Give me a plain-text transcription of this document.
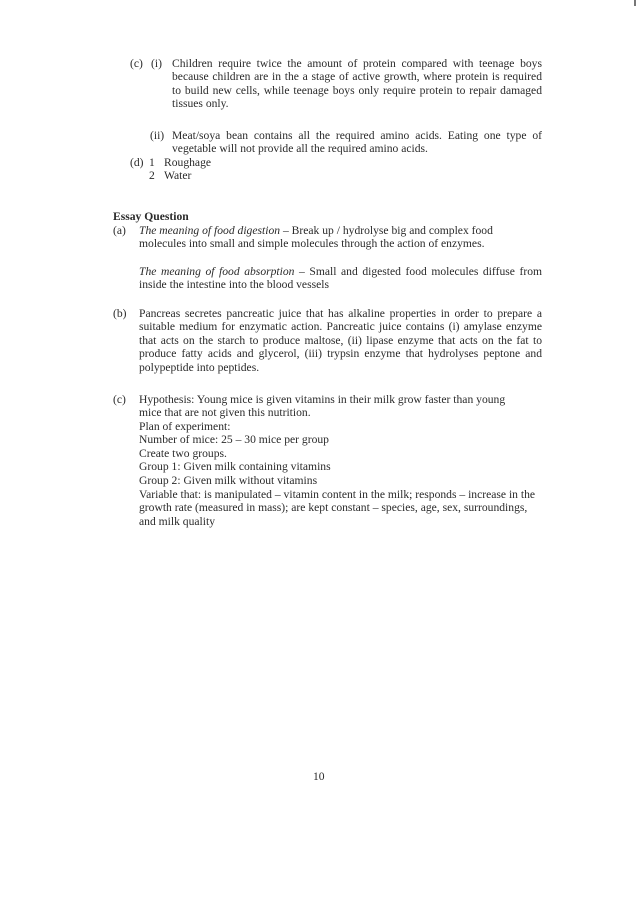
(c) (i) Children require twice the amount of protein compared with teenage boys because children are in the a stage of active growth, where protein is required to build new cells, while teenage boys only require protein to repair damaged tissues only.
(ii) Meat/soya bean contains all the required amino acids. Eating one type of vegetable will not provide all the required amino acids.
(d) 1 Roughage
2 Water
Essay Question
(a) The meaning of food digestion – Break up / hydrolyse big and complex food molecules into small and simple molecules through the action of enzymes.
The meaning of food absorption – Small and digested food molecules diffuse from inside the intestine into the blood vessels
(b) Pancreas secretes pancreatic juice that has alkaline properties in order to prepare a suitable medium for enzymatic action. Pancreatic juice contains (i) amylase enzyme that acts on the starch to produce maltose, (ii) lipase enzyme that acts on the fat to produce fatty acids and glycerol, (iii) trypsin enzyme that hydrolyses peptone and polypeptide into peptides.
(c) Hypothesis: Young mice is given vitamins in their milk grow faster than young mice that are not given this nutrition.
Plan of experiment:
Number of mice: 25 – 30 mice per group
Create two groups.
Group 1: Given milk containing vitamins
Group 2: Given milk without vitamins
Variable that: is manipulated – vitamin content in the milk; responds – increase in the growth rate (measured in mass); are kept constant – species, age, sex, surroundings, and milk quality
10
